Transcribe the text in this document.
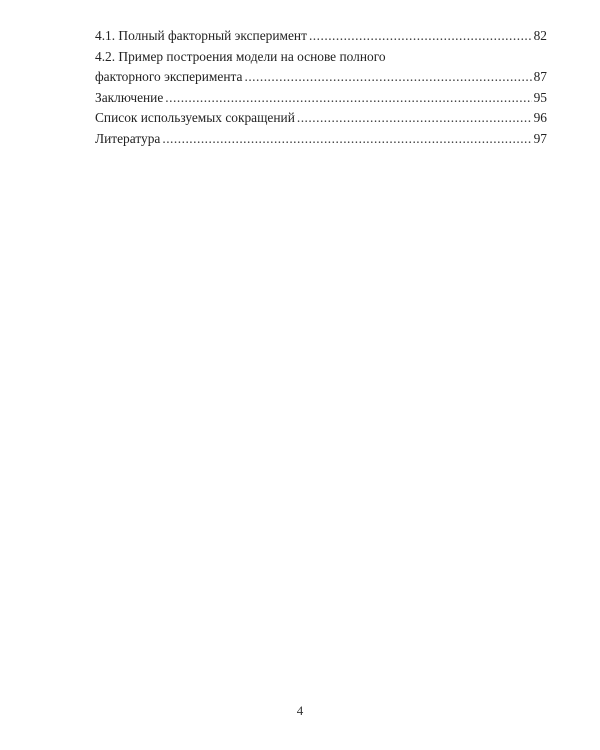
4.1. Полный факторный эксперимент .....	82
4.2. Пример построения модели на основе полного
факторного эксперимента .....	87
Заключение .....	95
Список используемых сокращений .....	96
Литература .....	97
4
